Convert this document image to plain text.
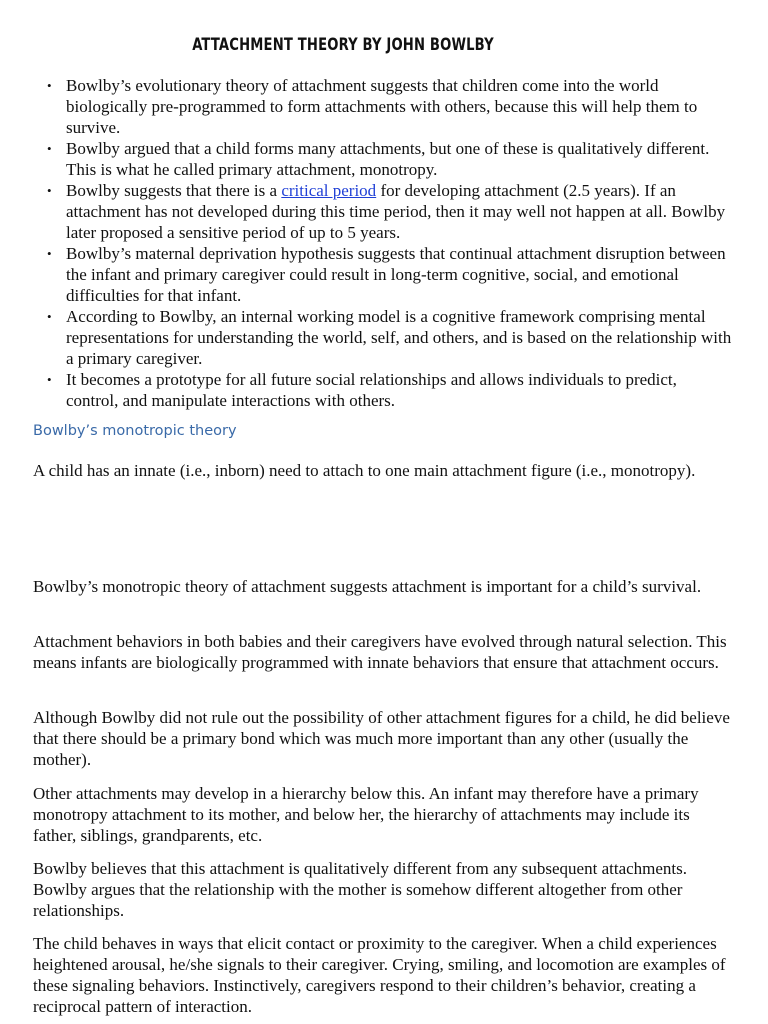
ATTACHMENT THEORY BY JOHN BOWLBY
• Bowlby’s evolutionary theory of attachment suggests that children come into the world biologically pre-programmed to form attachments with others, because this will help them to survive.
• Bowlby argued that a child forms many attachments, but one of these is qualitatively different. This is what he called primary attachment, monotropy.
• Bowlby suggests that there is a critical period for developing attachment (2.5 years). If an attachment has not developed during this time period, then it may well not happen at all. Bowlby later proposed a sensitive period of up to 5 years.
• Bowlby’s maternal deprivation hypothesis suggests that continual attachment disruption between the infant and primary caregiver could result in long-term cognitive, social, and emotional difficulties for that infant.
• According to Bowlby, an internal working model is a cognitive framework comprising mental representations for understanding the world, self, and others, and is based on the relationship with a primary caregiver.
• It becomes a prototype for all future social relationships and allows individuals to predict, control, and manipulate interactions with others.
Bowlby’s monotropic theory

A child has an innate (i.e., inborn) need to attach to one main attachment figure (i.e., monotropy).

Bowlby’s monotropic theory of attachment suggests attachment is important for a child’s survival.

Attachment behaviors in both babies and their caregivers have evolved through natural selection. This means infants are biologically programmed with innate behaviors that ensure that attachment occurs.

Although Bowlby did not rule out the possibility of other attachment figures for a child, he did believe that there should be a primary bond which was much more important than any other (usually the mother).

Other attachments may develop in a hierarchy below this. An infant may therefore have a primary monotropy attachment to its mother, and below her, the hierarchy of attachments may include its father, siblings, grandparents, etc.

Bowlby believes that this attachment is qualitatively different from any subsequent attachments. Bowlby argues that the relationship with the mother is somehow different altogether from other relationships.

The child behaves in ways that elicit contact or proximity to the caregiver. When a child experiences heightened arousal, he/she signals to their caregiver. Crying, smiling, and locomotion are examples of these signaling behaviors. Instinctively, caregivers respond to their children’s behavior, creating a reciprocal pattern of interaction.
